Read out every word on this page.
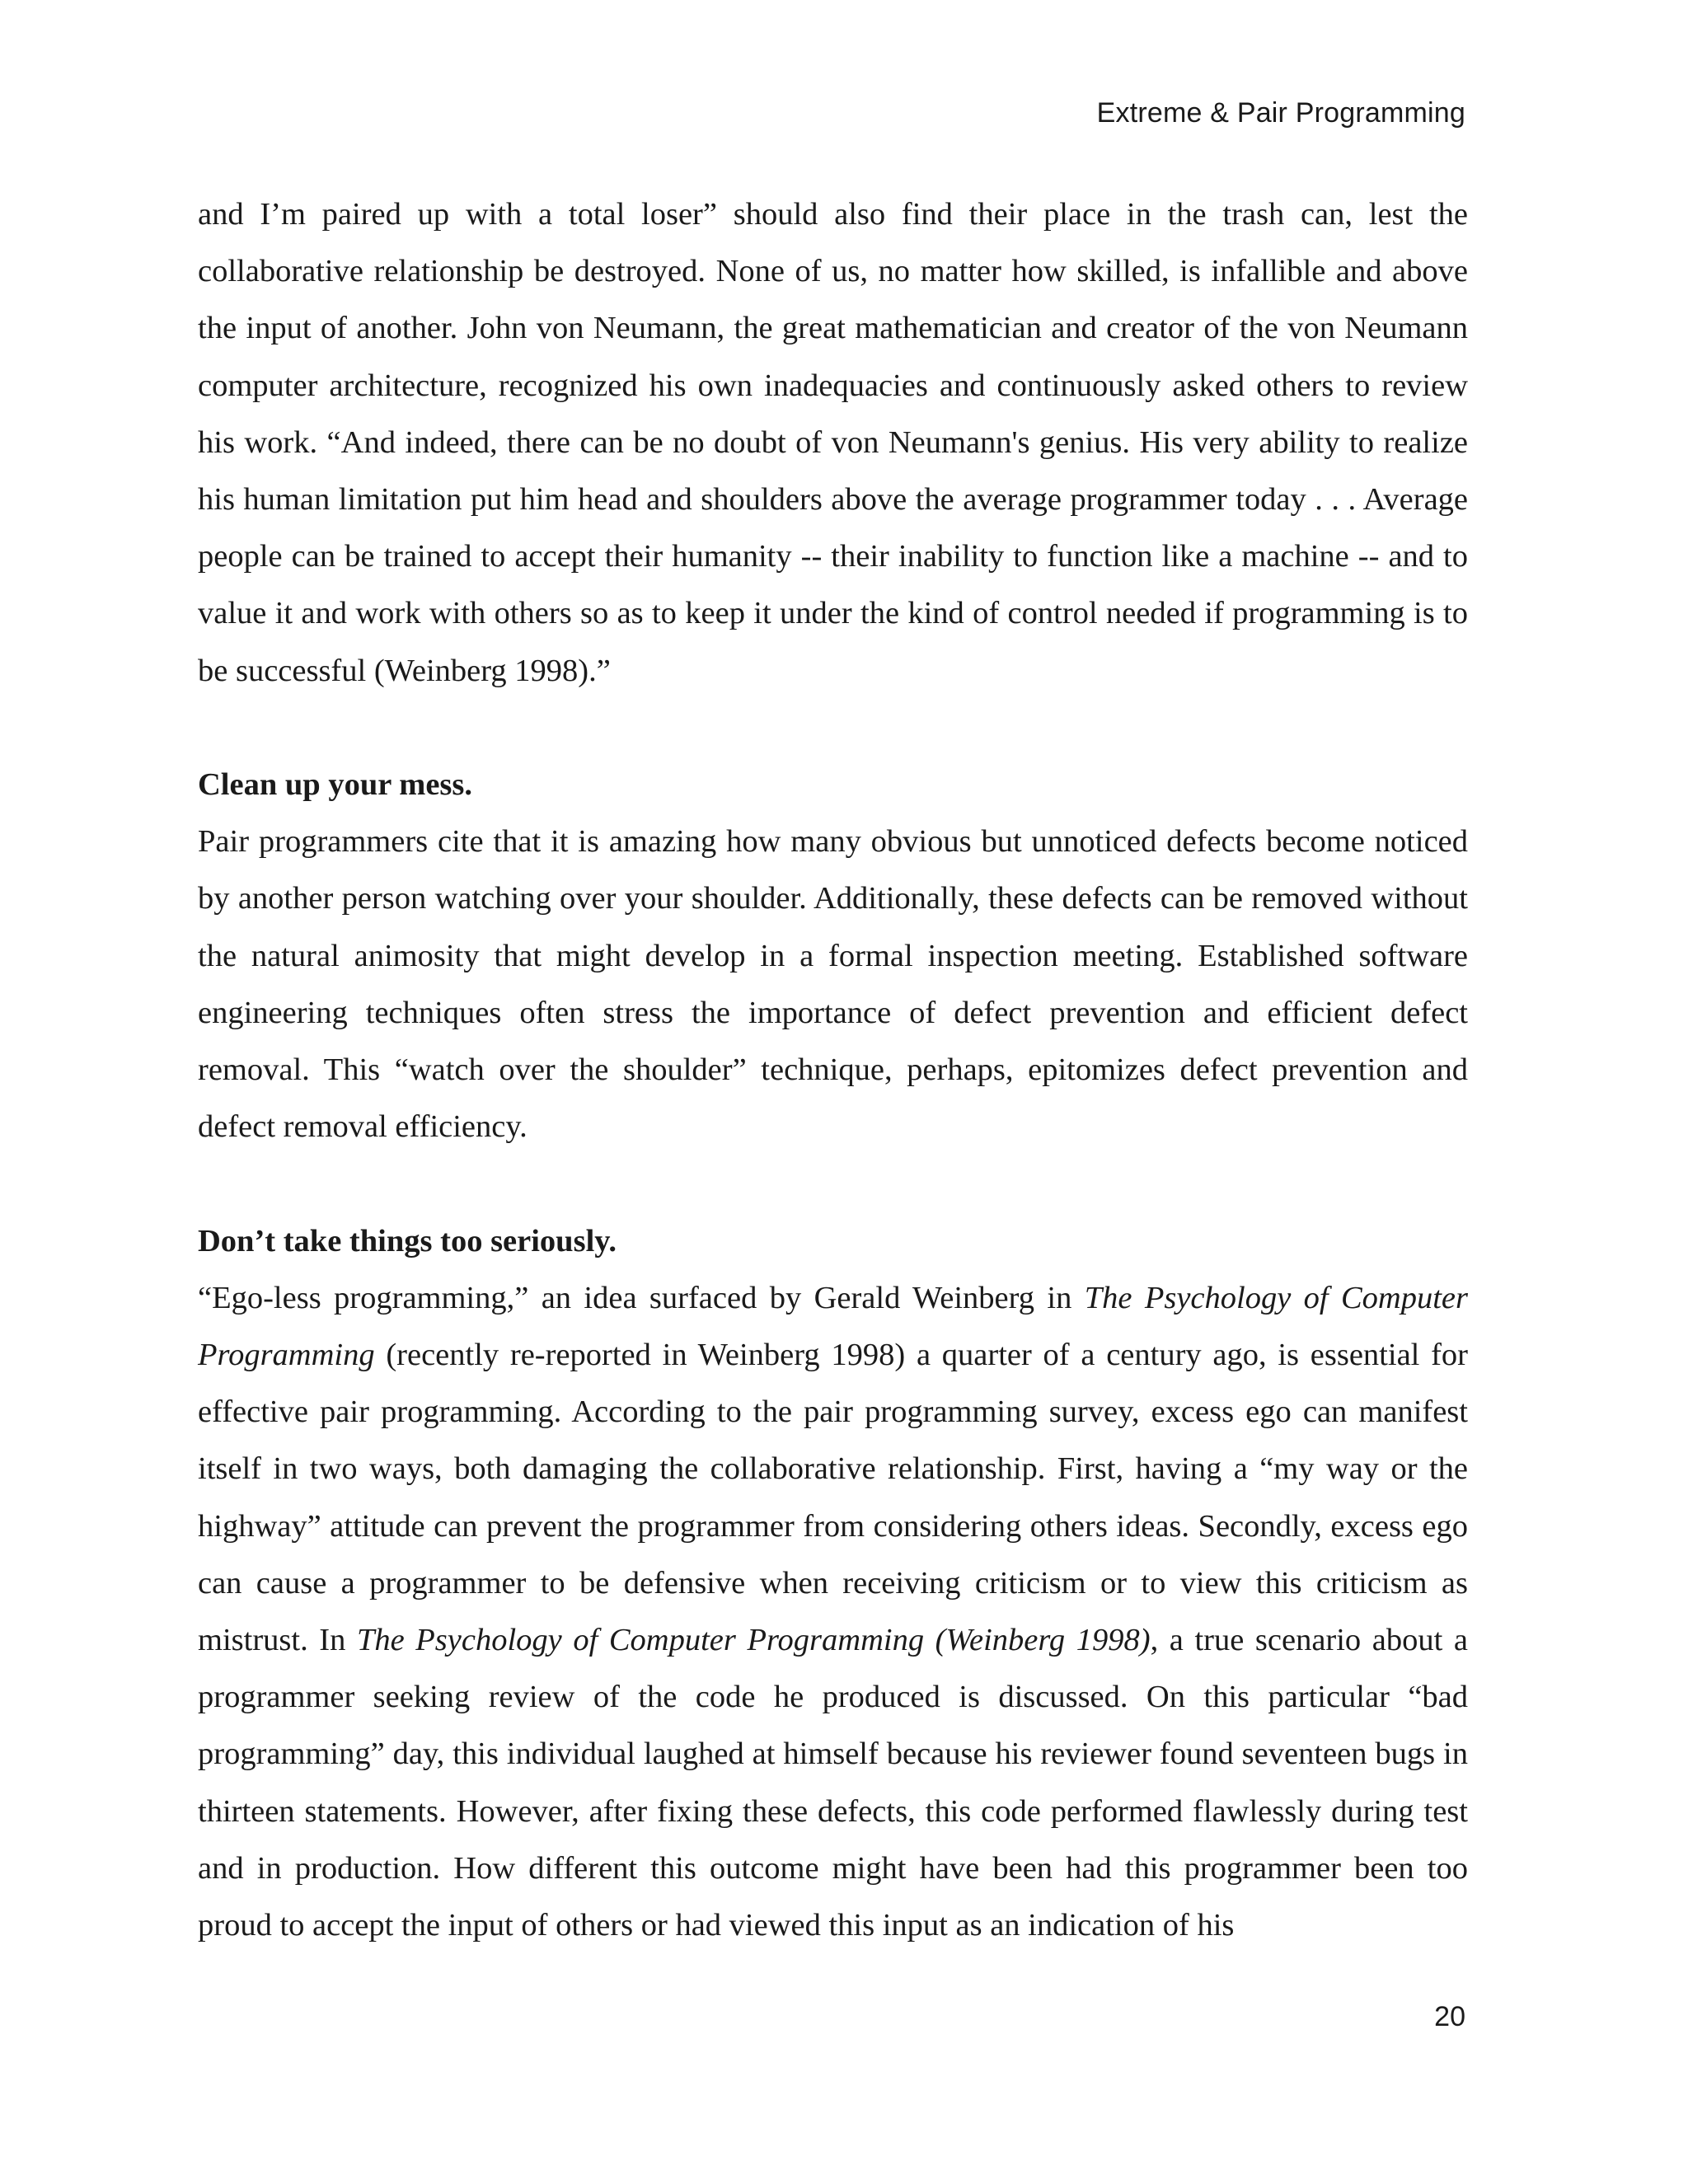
Extreme & Pair Programming

and I’m paired up with a total loser” should also find their place in the trash can, lest the collaborative relationship be destroyed. None of us, no matter how skilled, is infallible and above the input of another. John von Neumann, the great mathematician and creator of the von Neumann computer architecture, recognized his own inadequacies and continuously asked others to review his work. “And indeed, there can be no doubt of von Neumann's genius. His very ability to realize his human limitation put him head and shoulders above the average programmer today . . . Average people can be trained to accept their humanity -- their inability to function like a machine -- and to value it and work with others so as to keep it under the kind of control needed if programming is to be successful (Weinberg 1998).”

Clean up your mess.

Pair programmers cite that it is amazing how many obvious but unnoticed defects become noticed by another person watching over your shoulder. Additionally, these defects can be removed without the natural animosity that might develop in a formal inspection meeting. Established software engineering techniques often stress the importance of defect prevention and efficient defect removal. This “watch over the shoulder” technique, perhaps, epitomizes defect prevention and defect removal efficiency.

Don’t take things too seriously.

“Ego-less programming,” an idea surfaced by Gerald Weinberg in The Psychology of Computer Programming (recently re-reported in Weinberg 1998) a quarter of a century ago, is essential for effective pair programming. According to the pair programming survey, excess ego can manifest itself in two ways, both damaging the collaborative relationship. First, having a “my way or the highway” attitude can prevent the programmer from considering others ideas. Secondly, excess ego can cause a programmer to be defensive when receiving criticism or to view this criticism as mistrust. In The Psychology of Computer Programming (Weinberg 1998), a true scenario about a programmer seeking review of the code he produced is discussed. On this particular “bad programming” day, this individual laughed at himself because his reviewer found seventeen bugs in thirteen statements. However, after fixing these defects, this code performed flawlessly during test and in production. How different this outcome might have been had this programmer been too proud to accept the input of others or had viewed this input as an indication of his

20
